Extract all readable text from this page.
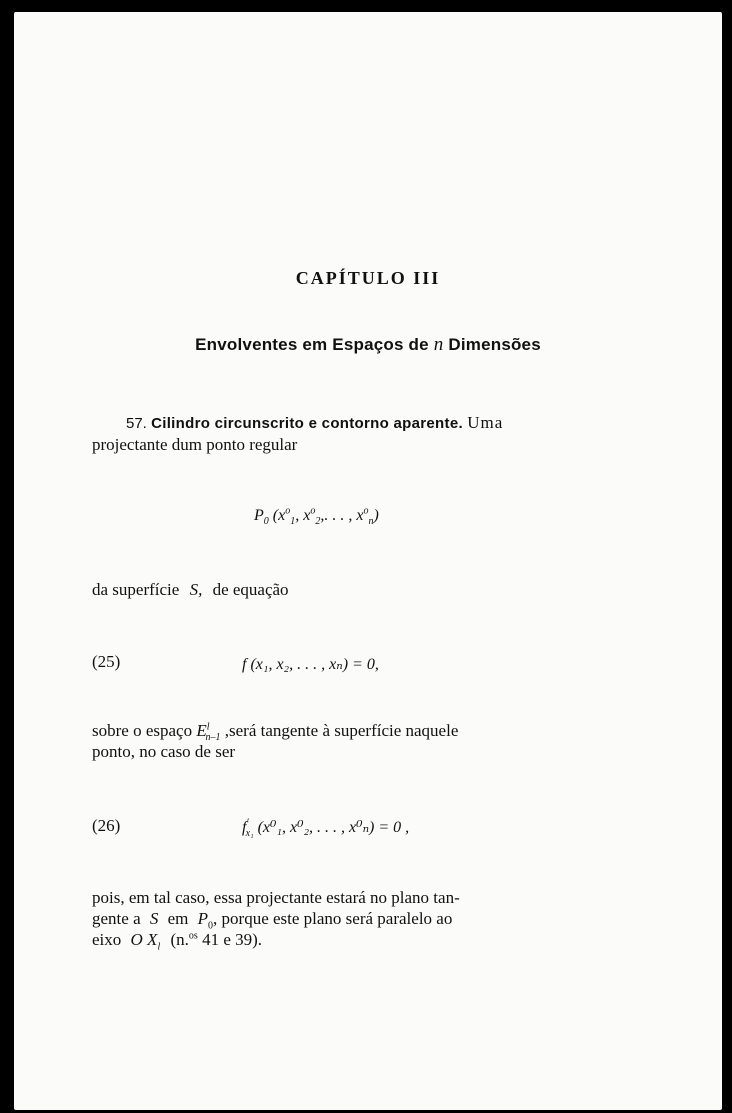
CAPÍTULO III
Envolventes em Espaços de n Dimensões

57. Cilindro circunscrito e contorno aparente. Uma
projectante dum ponto regular

$P_0$ ($x^o_1$, $x^o_2$,. . . , $x^o_n$)

da superfície S, de equação

(25)	f (x₁, x₂, . . . , xₙ) = 0,

sobre o espaço $E^l_{n-1}$ ,será tangente à superfície naquele
ponto, no caso de ser

(26)	$f'_{x_1}$ (x⁰₁, x⁰₂, . . . , x⁰ₙ) = 0 ,

pois, em tal caso, essa projectante estará no plano tan-
gente a S em $P_0$, porque este plano será paralelo ao
eixo O $X_l$ (n.$^{os}$ 41 e 39).
